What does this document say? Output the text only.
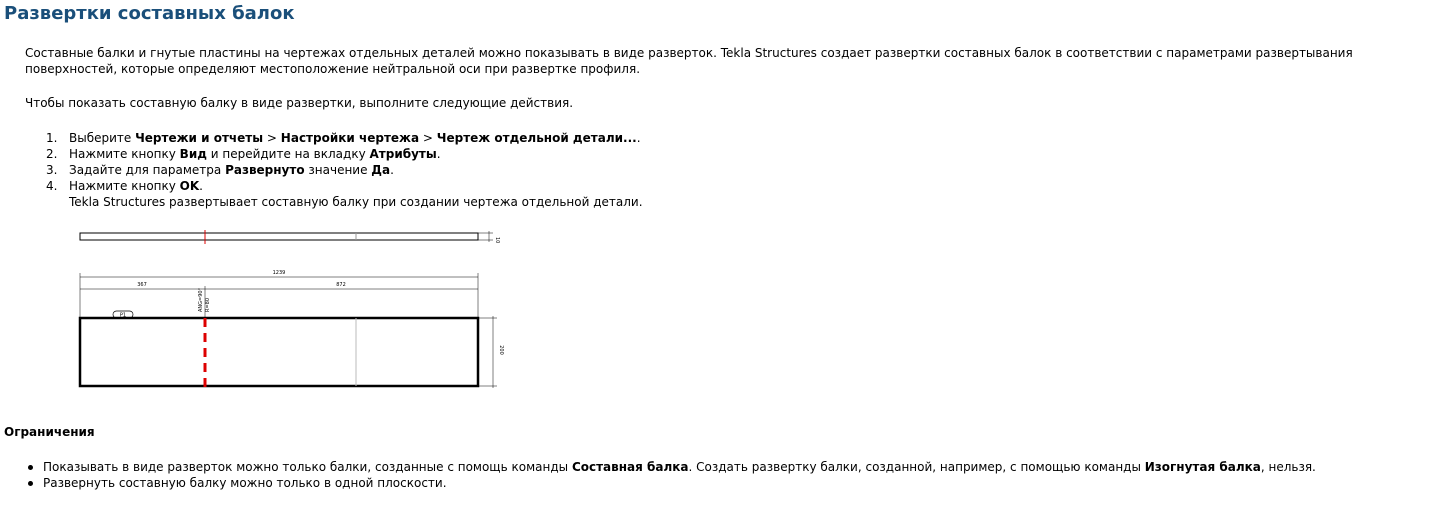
Развертки составных балок

Составные балки и гнутые пластины на чертежах отдельных деталей можно показывать в виде разверток. Tekla Structures создает развертки составных балок в соответствии с параметрами развертывания поверхностей, которые определяют местоположение нейтральной оси при развертке профиля.

Чтобы показать составную балку в виде развертки, выполните следующие действия.

1. Выберите Чертежи и отчеты > Настройки чертежа > Чертеж отдельной детали....
2. Нажмите кнопку Вид и перейдите на вкладку Атрибуты.
3. Задайте для параметра Развернуто значение Да.
4. Нажмите кнопку OK.
Tekla Structures развертывает составную балку при создании чертежа отдельной детали.
10
1239
367	872
200
ANG=90° R=80
P1

Ограничения

Показывать в виде разверток можно только балки, созданные с помощь команды Составная балка. Создать развертку балки, созданной, например, с помощью команды Изогнутая балка, нельзя.
Развернуть составную балку можно только в одной плоскости.
